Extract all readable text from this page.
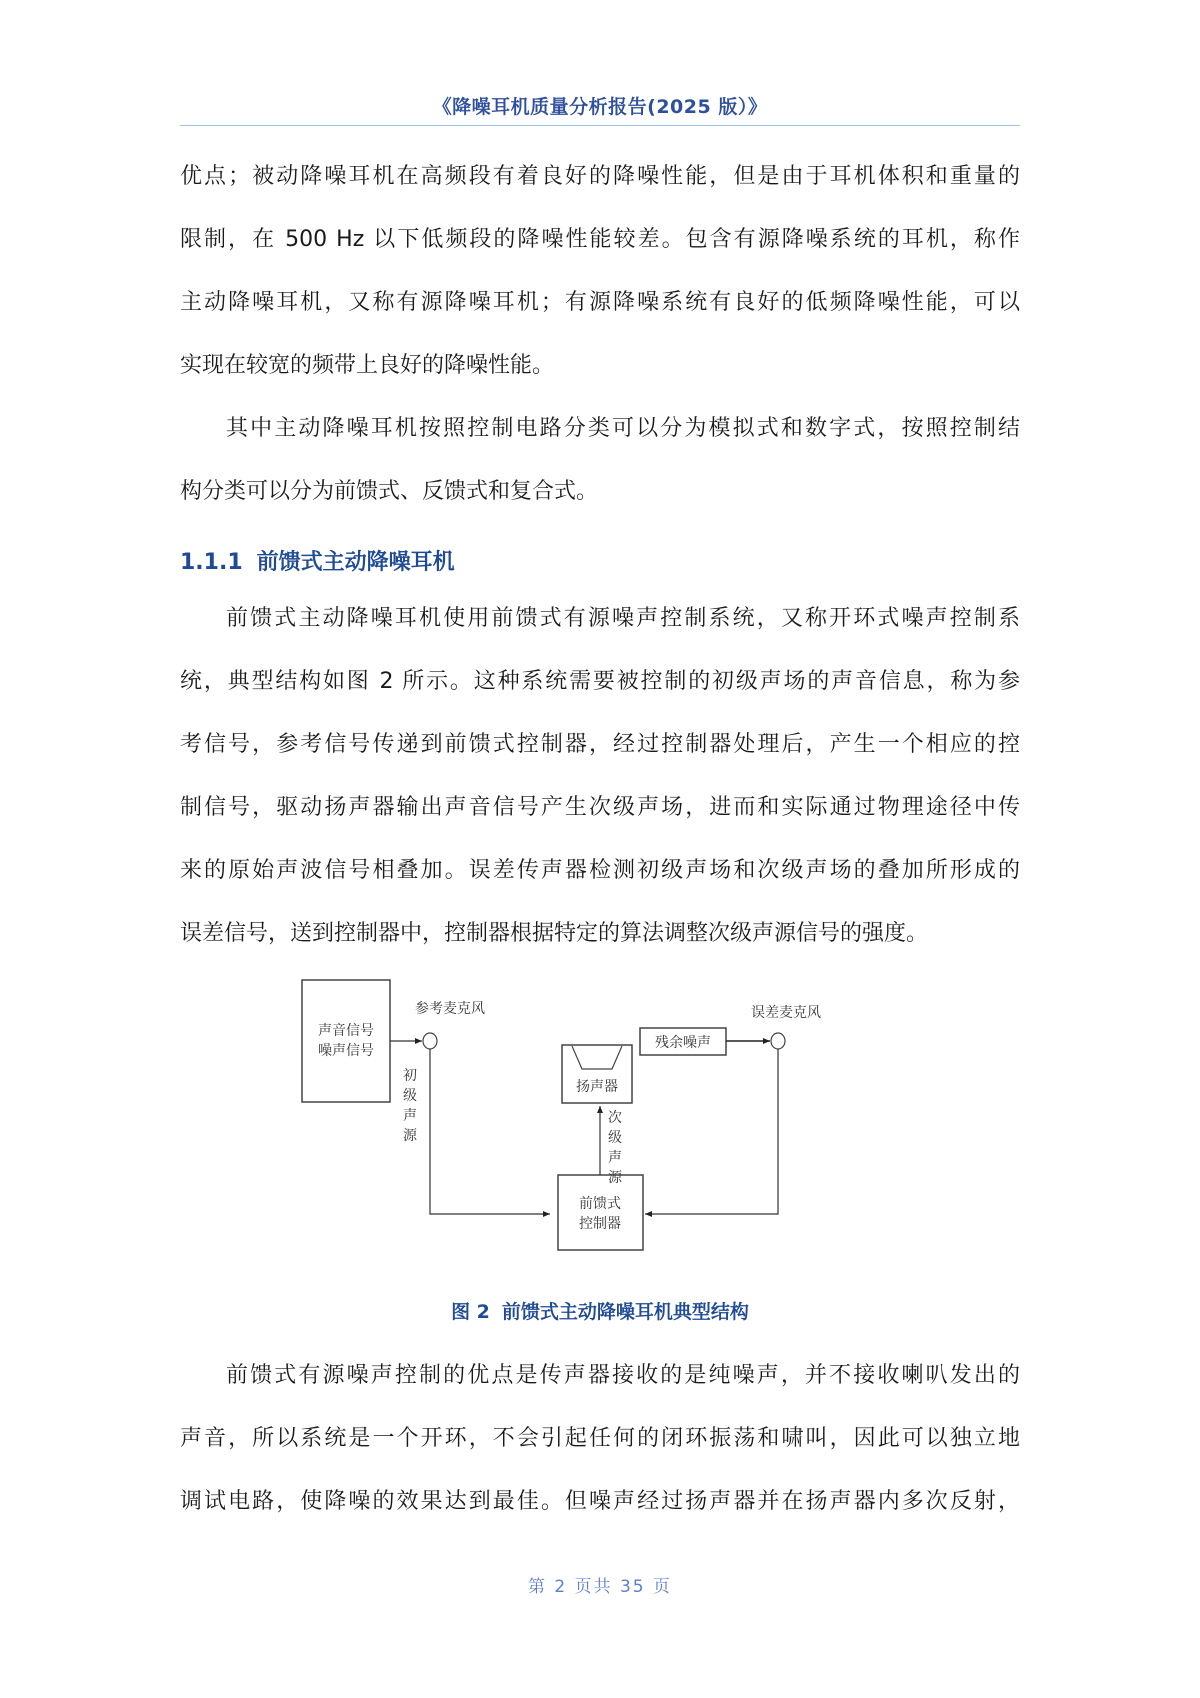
《降噪耳机质量分析报告(2025 版）》
优点；被动降噪耳机在高频段有着良好的降噪性能，但是由于耳机体积和重量的
限制，在 500 Hz 以下低频段的降噪性能较差。包含有源降噪系统的耳机，称作
主动降噪耳机，又称有源降噪耳机；有源降噪系统有良好的低频降噪性能，可以
实现在较宽的频带上良好的降噪性能。
其中主动降噪耳机按照控制电路分类可以分为模拟式和数字式，按照控制结
构分类可以分为前馈式、反馈式和复合式。
1.1.1 前馈式主动降噪耳机
前馈式主动降噪耳机使用前馈式有源噪声控制系统，又称开环式噪声控制系
统，典型结构如图 2 所示。这种系统需要被控制的初级声场的声音信息，称为参
考信号，参考信号传递到前馈式控制器，经过控制器处理后，产生一个相应的控
制信号，驱动扬声器输出声音信号产生次级声场，进而和实际通过物理途径中传
来的原始声波信号相叠加。误差传声器检测初级声场和次级声场的叠加所形成的
误差信号，送到控制器中，控制器根据特定的算法调整次级声源信号的强度。
前馈式有源噪声控制的优点是传声器接收的是纯噪声，并不接收喇叭发出的
声音，所以系统是一个开环，不会引起任何的闭环振荡和啸叫，因此可以独立地
调试电路，使降噪的效果达到最佳。但噪声经过扬声器并在扬声器内多次反射，
声音信号
噪声信号
参考麦克风
初
级
声
源
扬声器
残余噪声
误差麦克风
前馈式
控制器
次
级
声
源
图 2 前馈式主动降噪耳机典型结构
第 2 页共 35 页
